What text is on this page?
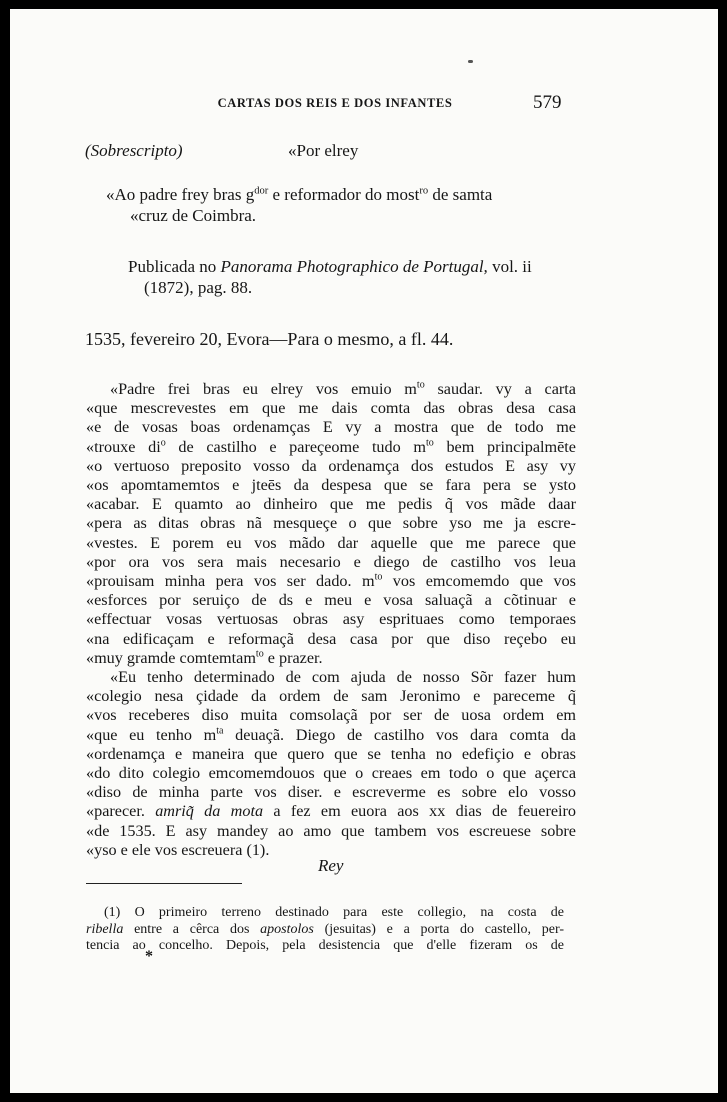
CARTAS DOS REIS E DOS INFANTES	579
(Sobrescripto)	«Por elrey
«Ao padre frey bras $g^{dor}$ e reformador do most$^{ro}$ de samta
«cruz de Coimbra.
Publicada no Panorama Photographico de Portugal, vol. ii
(1872), pag. 88.
1535, fevereiro 20, Evora—Para o mesmo, a fl. 44.
«Padre frei bras eu elrey vos emuio $m^{to}$ saudar. vy a carta
«que mescrevestes em que me dais comta das obras desa casa
«e de vosas boas ordenamças E vy a mostra que de todo me
«trouxe $di^o$ de castilho e pareçeome tudo $m^{to}$ bem principalmēte
«o vertuoso preposito vosso da ordenamça dos estudos E asy vy
«os apomtamemtos e jteēs da despesa que se fara pera se ysto
«acabar. E quamto ao dinheiro que me pedis q̃ vos mãde daar
«pera as ditas obras nã mesqueçe o que sobre yso me ja escre-
«vestes. E porem eu vos mãdo dar aquelle que me parece que
«por ora vos sera mais necesario e diego de castilho vos leua
«prouisam minha pera vos ser dado. $m^{to}$ vos emcomemdo que vos
«esforces por seruiço de ds e meu e vosa saluaçã a cõtinuar e
«effectuar vosas vertuosas obras asy esprituaes como temporaes
«na edificaçam e reformaçã desa casa por que diso reçebo eu
«muy gramde comtemtam$^{to}$ e prazer.
«Eu tenho determinado de com ajuda de nosso Sõr fazer hum
«colegio nesa çidade da ordem de sam Jeronimo e pareceme q̃
«vos receberes diso muita comsolaçã por ser de uosa ordem em
«que eu tenho $m^{ta}$ deuaçã. Diego de castilho vos dara comta da
«ordenamça e maneira que quero que se tenha no edefiçio e obras
«do dito colegio emcomemdouos que o creaes em todo o que açerca
«diso de minha parte vos diser. e escreverme es sobre elo vosso
«parecer. amriq̃ da mota a fez em euora aos xx dias de feuereiro
«de 1535. E asy mandey ao amo que tambem vos escreuese sobre
«yso e ele vos escreuera (1).
Rey
(1) O primeiro terreno destinado para este collegio, na costa de
ribella entre a cêrca dos apostolos (jesuitas) e a porta do castello, per-
tencia ao concelho. Depois, pela desistencia que d'elle fizeram os de
*
